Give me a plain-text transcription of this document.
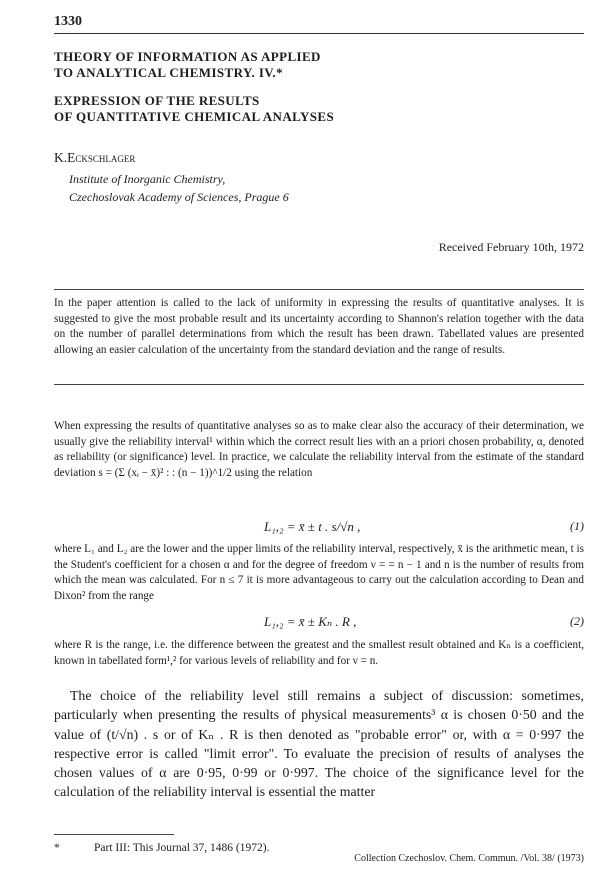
1330
THEORY OF INFORMATION AS APPLIED
TO ANALYTICAL CHEMISTRY. IV.*
EXPRESSION OF THE RESULTS
OF QUANTITATIVE CHEMICAL ANALYSES
K.Eckschlager
Institute of Inorganic Chemistry,
Czechoslovak Academy of Sciences, Prague 6
Received February 10th, 1972
In the paper attention is called to the lack of uniformity in expressing the results of quantitative analyses. It is suggested to give the most probable result and its uncertainty according to Shannon's relation together with the data on the number of parallel determinations from which the result has been drawn. Tabellated values are presented allowing an easier calculation of the uncertainty from the standard deviation and the range of results.
When expressing the results of quantitative analyses so as to make clear also the accuracy of their determination, we usually give the reliability interval¹ within which the correct result lies with an a priori chosen probability, α, denoted as reliability (or significance) level. In practice, we calculate the reliability interval from the estimate of the standard deviation s = (Σ (xᵢ − x̄)² : : (n − 1))^1/2 using the relation
L₁,₂ = x̄ ± t . s/√n ,	(1)
where L₁ and L₂ are the lower and the upper limits of the reliability interval, respectively, x̄ is the arithmetic mean, t is the Student's coefficient for a chosen α and for the degree of freedom ν = = n − 1 and n is the number of results from which the mean was calculated. For n ≤ 7 it is more advantageous to carry out the calculation according to Dean and Dixon² from the range
L₁,₂ = x̄ ± Kₙ . R ,	(2)
where R is the range, i.e. the difference between the greatest and the smallest result obtained and Kₙ is a coefficient, known in tabellated form¹,² for various levels of reliability and for ν = n.
The choice of the reliability level still remains a subject of discussion: sometimes, particularly when presenting the results of physical measurements³ α is chosen 0·50 and the value of (t/√n) . s or of Kₙ . R is then denoted as "probable error" or, with α = 0·997 the respective error is called "limit error". To evaluate the precision of results of analyses the chosen values of α are 0·95, 0·99 or 0·997. The choice of the significance level for the calculation of the reliability interval is essential the matter
*	Part III: This Journal 37, 1486 (1972).
Collection Czechoslov. Chem. Commun. /Vol. 38/ (1973)
